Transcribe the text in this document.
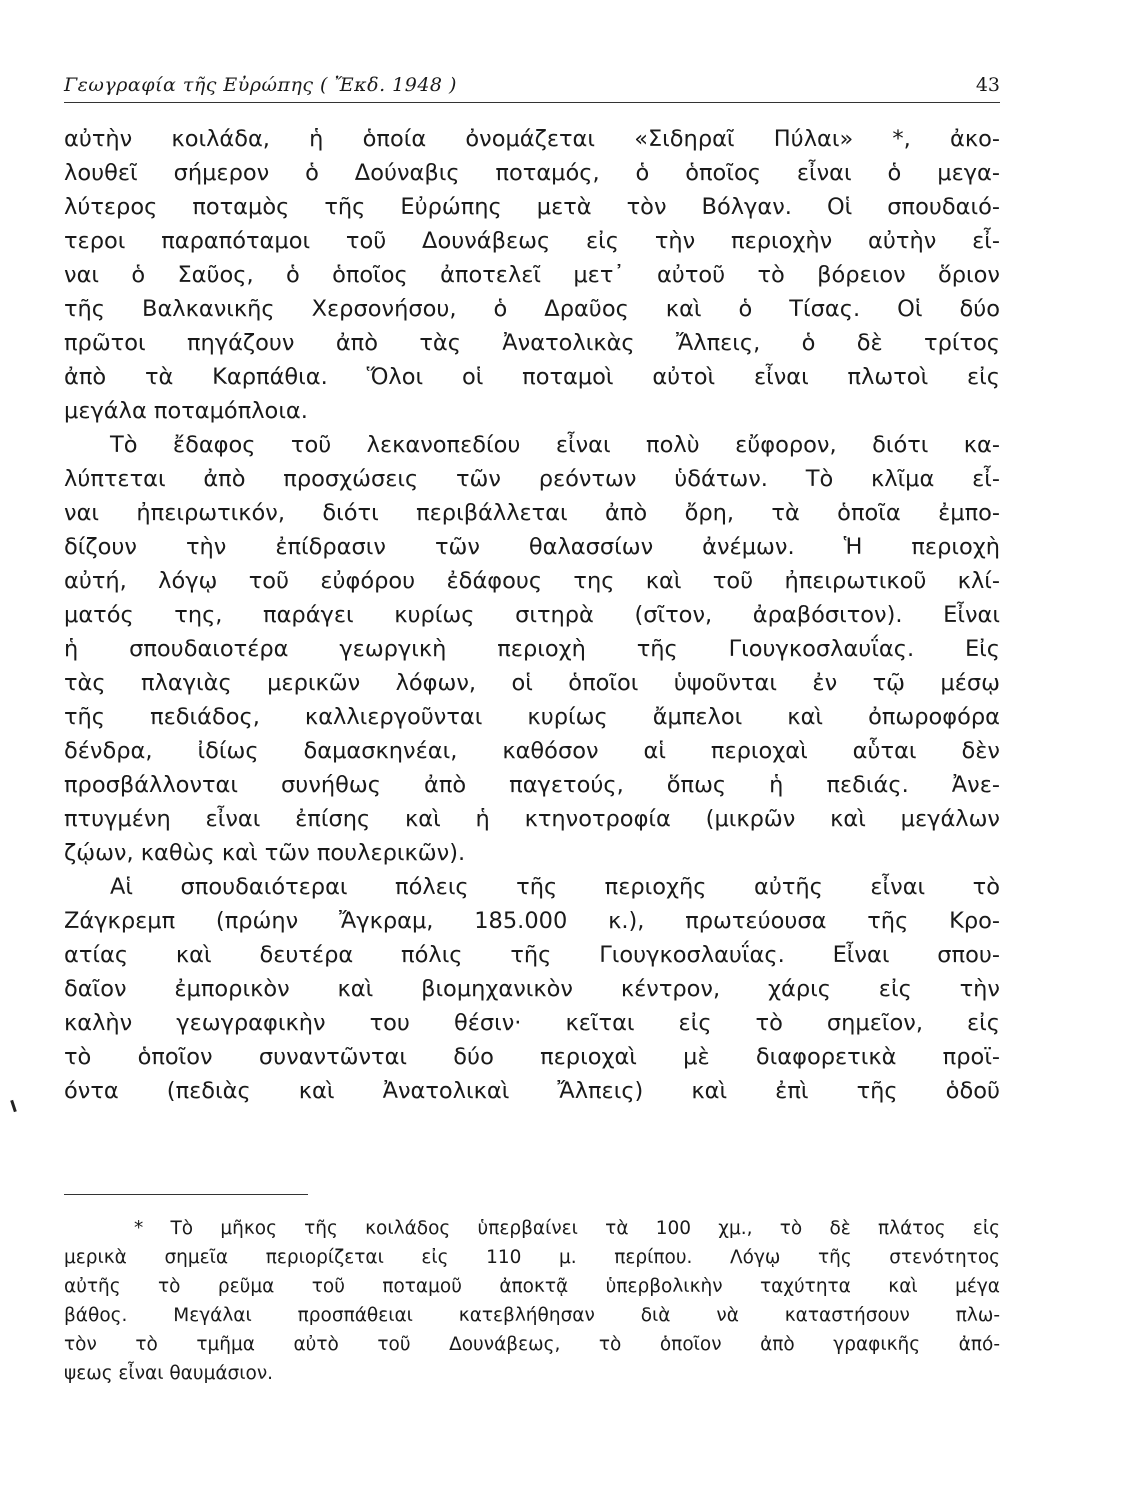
Γεωγραφία τῆς Εὐρώπης ( Ἔκδ. 1948 )	43
αὐτὴν κοιλάδα, ἡ ὁποία ὀνομάζεται «Σιδηραῖ Πύλαι» *, ἀκο-
λουθεῖ σήμερον ὁ Δούναβις ποταμός, ὁ ὁποῖος εἶναι ὁ μεγα-
λύτερος ποταμὸς τῆς Εὐρώπης μετὰ τὸν Βόλγαν. Οἱ σπουδαιό-
τεροι παραπόταμοι τοῦ Δουνάβεως εἰς τὴν περιοχὴν αὐτὴν εἶ-
ναι ὁ Σαῦος, ὁ ὁποῖος ἀποτελεῖ μετ᾽ αὐτοῦ τὸ βόρειον ὅριον
τῆς Βαλκανικῆς Χερσονήσου, ὁ Δραῦος καὶ ὁ Τίσας. Οἱ δύο
πρῶτοι πηγάζουν ἀπὸ τὰς Ἀνατολικὰς Ἄλπεις, ὁ δὲ τρίτος
ἀπὸ τὰ Καρπάθια. Ὅλοι οἱ ποταμοὶ αὐτοὶ εἶναι πλωτοὶ εἰς
μεγάλα ποταμόπλοια.
Τὸ ἔδαφος τοῦ λεκανοπεδίου εἶναι πολὺ εὔφορον, διότι κα-
λύπτεται ἀπὸ προσχώσεις τῶν ρεόντων ὑδάτων. Τὸ κλῖμα εἶ-
ναι ἠπειρωτικόν, διότι περιβάλλεται ἀπὸ ὄρη, τὰ ὁποῖα ἐμπο-
δίζουν τὴν ἐπίδρασιν τῶν θαλασσίων ἀνέμων. Ἡ περιοχὴ
αὐτή, λόγῳ τοῦ εὐφόρου ἐδάφους της καὶ τοῦ ἠπειρωτικοῦ κλί-
ματός της, παράγει κυρίως σιτηρὰ (σῖτον, ἀραβόσιτον). Εἶναι
ἡ σπουδαιοτέρα γεωργικὴ περιοχὴ τῆς Γιουγκοσλαυΐας. Εἰς
τὰς πλαγιὰς μερικῶν λόφων, οἱ ὁποῖοι ὑψοῦνται ἐν τῷ μέσῳ
τῆς πεδιάδος, καλλιεργοῦνται κυρίως ἄμπελοι καὶ ὀπωροφόρα
δένδρα, ἰδίως δαμασκηνέαι, καθόσον αἱ περιοχαὶ αὗται δὲν
προσβάλλονται συνήθως ἀπὸ παγετούς, ὅπως ἡ πεδιάς. Ἀνε-
πτυγμένη εἶναι ἐπίσης καὶ ἡ κτηνοτροφία (μικρῶν καὶ μεγάλων
ζῴων, καθὼς καὶ τῶν πουλερικῶν).
Αἱ σπουδαιότεραι πόλεις τῆς περιοχῆς αὐτῆς εἶναι τὸ
Ζάγκρεμπ (πρώην Ἄγκραμ, 185.000 κ.), πρωτεύουσα τῆς Κρο-
ατίας καὶ δευτέρα πόλις τῆς Γιουγκοσλαυΐας. Εἶναι σπου-
δαῖον ἐμπορικὸν καὶ βιομηχανικὸν κέντρον, χάρις εἰς τὴν
καλὴν γεωγραφικὴν του θέσιν· κεῖται εἰς τὸ σημεῖον, εἰς
τὸ ὁποῖον συναντῶνται δύο περιοχαὶ μὲ διαφορετικὰ προϊ-
όντα (πεδιὰς καὶ Ἀνατολικαὶ Ἄλπεις) καὶ ἐπὶ τῆς ὁδοῦ
* Τὸ μῆκος τῆς κοιλάδος ὑπερβαίνει τὰ 100 χμ., τὸ δὲ πλάτος εἰς
μερικὰ σημεῖα περιορίζεται εἰς 110 μ. περίπου. Λόγῳ τῆς στενότητος
αὐτῆς τὸ ρεῦμα τοῦ ποταμοῦ ἀποκτᾷ ὑπερβολικὴν ταχύτητα καὶ μέγα
βάθος. Μεγάλαι προσπάθειαι κατεβλήθησαν διὰ νὰ καταστήσουν πλω-
τὸν τὸ τμῆμα αὐτὸ τοῦ Δουνάβεως, τὸ ὁποῖον ἀπὸ γραφικῆς ἀπό-
ψεως εἶναι θαυμάσιον.
